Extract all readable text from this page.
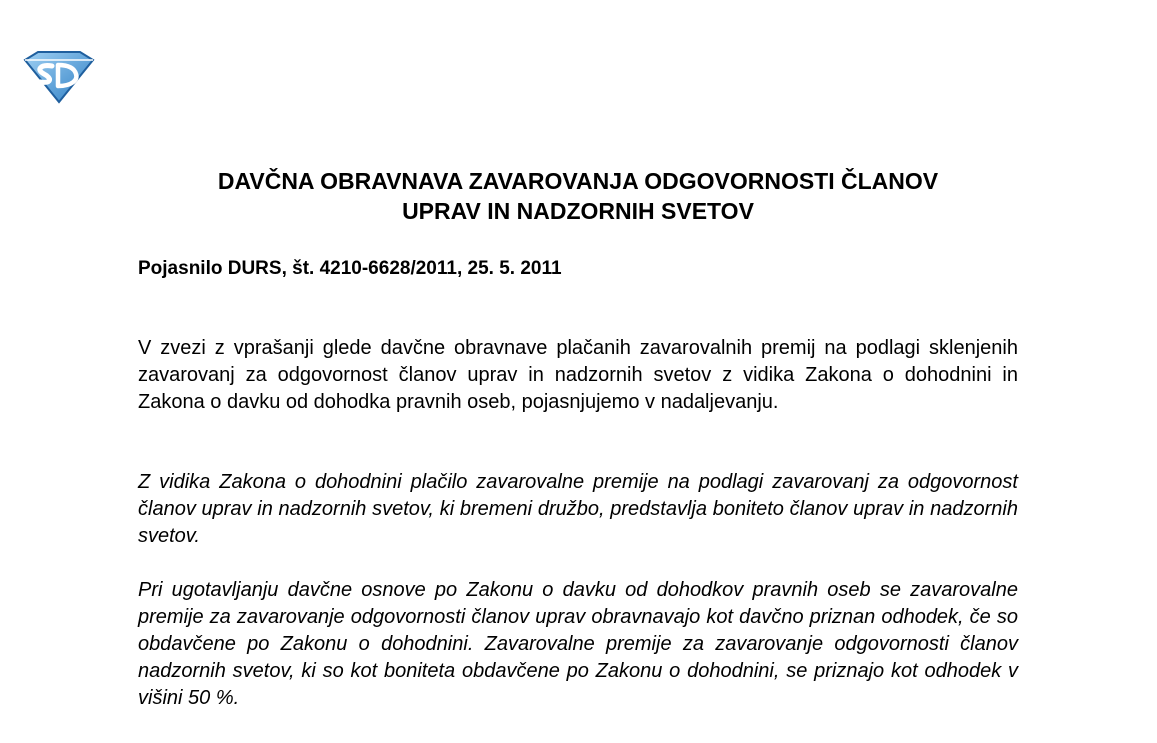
DAVČNA OBRAVNAVA ZAVAROVANJA ODGOVORNOSTI ČLANOV
UPRAV IN NADZORNIH SVETOV

Pojasnilo DURS, št. 4210-6628/2011, 25. 5. 2011

V zvezi z vprašanji glede davčne obravnave plačanih zavarovalnih premij na podlagi sklenjenih zavarovanj za odgovornost članov uprav in nadzornih svetov z vidika Zakona o dohodnini in Zakona o davku od dohodka pravnih oseb, pojasnjujemo v nadaljevanju.

Z vidika Zakona o dohodnini plačilo zavarovalne premije na podlagi zavarovanj za odgovornost članov uprav in nadzornih svetov, ki bremeni družbo, predstavlja boniteto članov uprav in nadzornih svetov.

Pri ugotavljanju davčne osnove po Zakonu o davku od dohodkov pravnih oseb se zavarovalne premije za zavarovanje odgovornosti članov uprav obravnavajo kot davčno priznan odhodek, če so obdavčene po Zakonu o dohodnini. Zavarovalne premije za zavarovanje odgovornosti članov nadzornih svetov, ki so kot boniteta obdavčene po Zakonu o dohodnini, se priznajo kot odhodek v višini 50 %.
